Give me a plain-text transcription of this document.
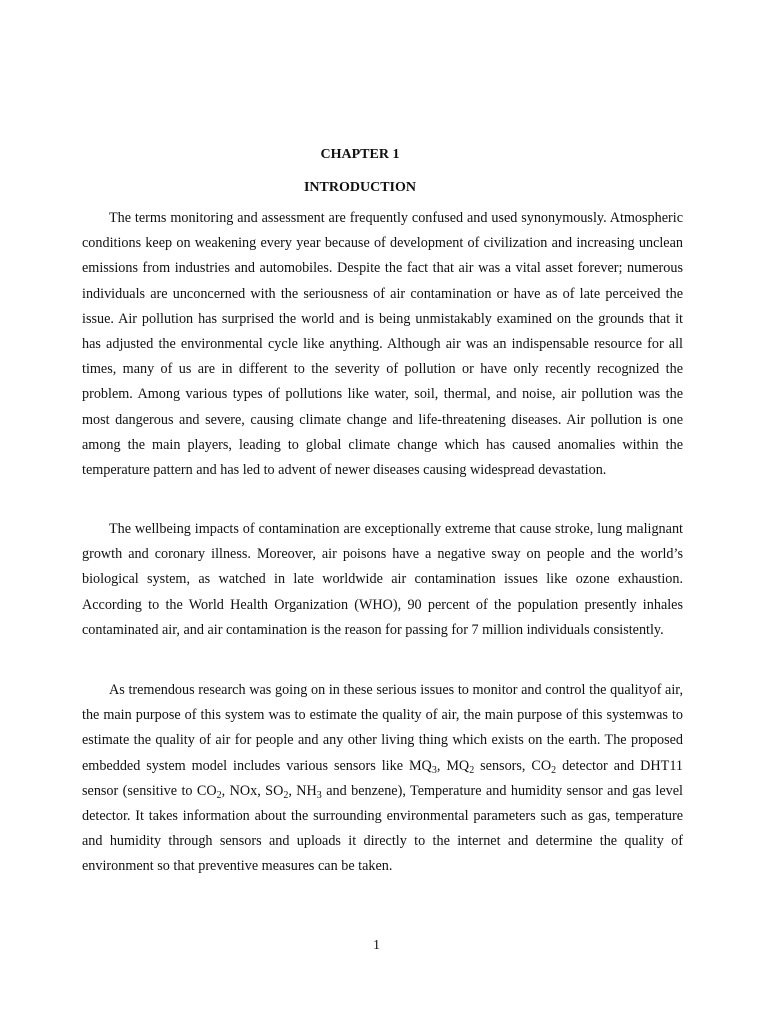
CHAPTER 1
INTRODUCTION

The terms monitoring and assessment are frequently confused and used synonymously. Atmospheric conditions keep on weakening every year because of development of civilization and increasing unclean emissions from industries and automobiles. Despite the fact that air was a vital asset forever; numerous individuals are unconcerned with the seriousness of air contamination or have as of late perceived the issue. Air pollution has surprised the world and is being unmistakably examined on the grounds that it has adjusted the environmental cycle like anything. Although air was an indispensable resource for all times, many of us are in different to the severity of pollution or have only recently recognized the problem. Among various types of pollutions like water, soil, thermal, and noise, air pollution was the most dangerous and severe, causing climate change and life-threatening diseases. Air pollution is one among the main players, leading to global climate change which has caused anomalies within the temperature pattern and has led to advent of newer diseases causing widespread devastation.

The wellbeing impacts of contamination are exceptionally extreme that cause stroke, lung malignant growth and coronary illness. Moreover, air poisons have a negative sway on people and the world’s biological system, as watched in late worldwide air contamination issues like ozone exhaustion. According to the World Health Organization (WHO), 90 percent of the population presently inhales contaminated air, and air contamination is the reason for passing for 7 million individuals consistently.

As tremendous research was going on in these serious issues to monitor and control the qualityof air, the main purpose of this system was to estimate the quality of air, the main purpose of this systemwas to estimate the quality of air for people and any other living thing which exists on the earth. The proposed embedded system model includes various sensors like $MQ_3$, $MQ_2$ sensors, $CO_2$ detector and DHT11 sensor (sensitive to $CO_2$, NOx, $SO_2$, $NH_3$ and benzene), Temperature and humidity sensor and gas level detector. It takes information about the surrounding environmental parameters such as gas, temperature and humidity through sensors and uploads it directly to the internet and determine the quality of environment so that preventive measures can be taken.

1
